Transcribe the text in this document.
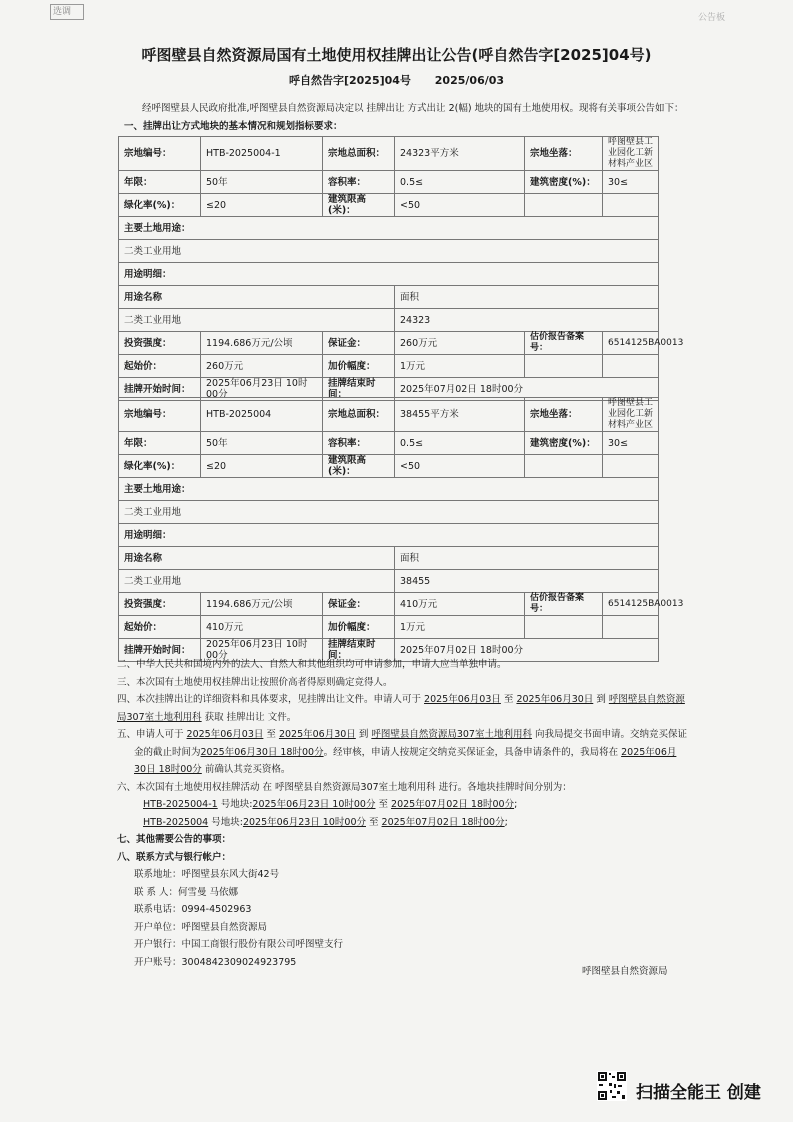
选调
公告板
呼图壁县自然资源局国有土地使用权挂牌出让公告(呼自然告字[2025]04号)
呼自然告字[2025]04号 2025/06/03
经呼图壁县人民政府批准,呼图壁县自然资源局决定以 挂牌出让 方式出让 2(幅) 地块的国有土地使用权。现将有关事项公告如下：
一、挂牌出让方式地块的基本情况和规划指标要求：
宗地编号：	HTB-2025004-1	宗地总面积：	24323平方米	宗地坐落：	呼图壁县工业园化工新材料产业区
年限：	50年	容积率：	0.5≤	建筑密度(%)：	30≤
绿化率(%)：	≤20	建筑限高(米)：	<50		
主要土地用途：					
二类工业用地					
用途明细：					
用途名称			面积		
二类工业用地			24323		
投资强度：	1194.686万元/公顷	保证金：	260万元	估价报告备案号：	6514125BA0013
起始价：	260万元	加价幅度：	1万元		
挂牌开始时间：	2025年06月23日 10时00分	挂牌结束时间：	2025年07月02日 18时00分		
宗地编号：	HTB-2025004	宗地总面积：	38455平方米	宗地坐落：	呼图壁县工业园化工新材料产业区
年限：	50年	容积率：	0.5≤	建筑密度(%)：	30≤
绿化率(%)：	≤20	建筑限高(米)：	<50		
主要土地用途：					
二类工业用地					
用途明细：					
用途名称			面积		
二类工业用地			38455		
投资强度：	1194.686万元/公顷	保证金：	410万元	估价报告备案号：	6514125BA0013
起始价：	410万元	加价幅度：	1万元		
挂牌开始时间：	2025年06月23日 10时00分	挂牌结束时间：	2025年07月02日 18时00分		
二、中华人民共和国境内外的法人、自然人和其他组织均可申请参加，申请人应当单独申请。
三、本次国有土地使用权挂牌出让按照价高者得原则确定竞得人。
四、本次挂牌出让的详细资料和具体要求，见挂牌出让文件。申请人可于 2025年06月03日 至 2025年06月30日 到 呼图壁县自然资源
局307室土地利用科 获取 挂牌出让 文件。
五、申请人可于 2025年06月03日 至 2025年06月30日 到 呼图壁县自然资源局307室土地利用科 向我局提交书面申请。交纳竞买保证
金的截止时间为2025年06月30日 18时00分。经审核，申请人按规定交纳竞买保证金，具备申请条件的，我局将在 2025年06月
30日 18时00分 前确认其竞买资格。
六、本次国有土地使用权挂牌活动 在 呼图壁县自然资源局307室土地利用科 进行。各地块挂牌时间分别为：
HTB-2025004-1 号地块:2025年06月23日 10时00分 至 2025年07月02日 18时00分;
HTB-2025004 号地块:2025年06月23日 10时00分 至 2025年07月02日 18时00分;
七、其他需要公告的事项：
八、联系方式与银行帐户：
联系地址：呼图壁县东风大街42号
联 系 人：何雪曼 马依娜
联系电话：0994-4502963
开户单位：呼图壁县自然资源局
开户银行：中国工商银行股份有限公司呼图壁支行
开户账号：3004842309024923795
呼图壁县自然资源局
扫描全能王 创建
